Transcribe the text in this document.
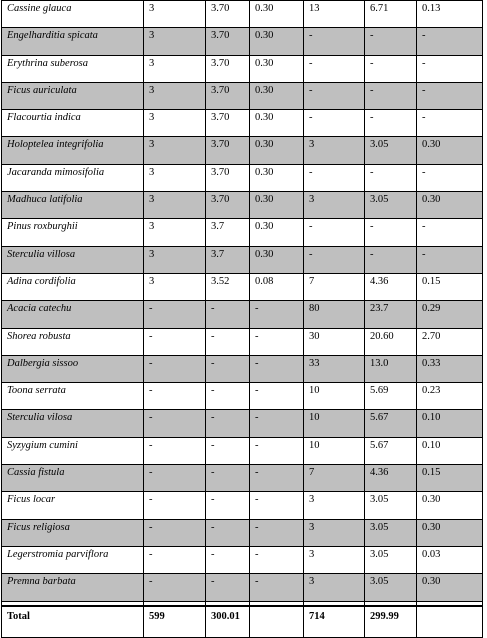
Cassine glauca	3	3.70	0.30	13	6.71	0.13
Engelharditia spicata	3	3.70	0.30	-	-	-
Erythrina suberosa	3	3.70	0.30	-	-	-
Ficus auriculata	3	3.70	0.30	-	-	-
Flacourtia indica	3	3.70	0.30	-	-	-
Holoptelea integrifolia	3	3.70	0.30	3	3.05	0.30
Jacaranda mimosifolia	3	3.70	0.30	-	-	-
Madhuca latifolia	3	3.70	0.30	3	3.05	0.30
Pinus roxburghii	3	3.7	0.30	-	-	-
Sterculia villosa	3	3.7	0.30	-	-	-
Adina cordifolia	3	3.52	0.08	7	4.36	0.15
Acacia catechu	-	-	-	80	23.7	0.29
Shorea robusta	-	-	-	30	20.60	2.70
Dalbergia sissoo	-	-	-	33	13.0	0.33
Toona serrata	-	-	-	10	5.69	0.23
Sterculia vilosa	-	-	-	10	5.67	0.10
Syzygium cumini	-	-	-	10	5.67	0.10
Cassia fistula	-	-	-	7	4.36	0.15
Ficus locar	-	-	-	3	3.05	0.30
Ficus religiosa	-	-	-	3	3.05	0.30
Legerstromia parviflora	-	-	-	3	3.05	0.03
Premna barbata	-	-	-	3	3.05	0.30

Total	599	300.01		714	299.99	
